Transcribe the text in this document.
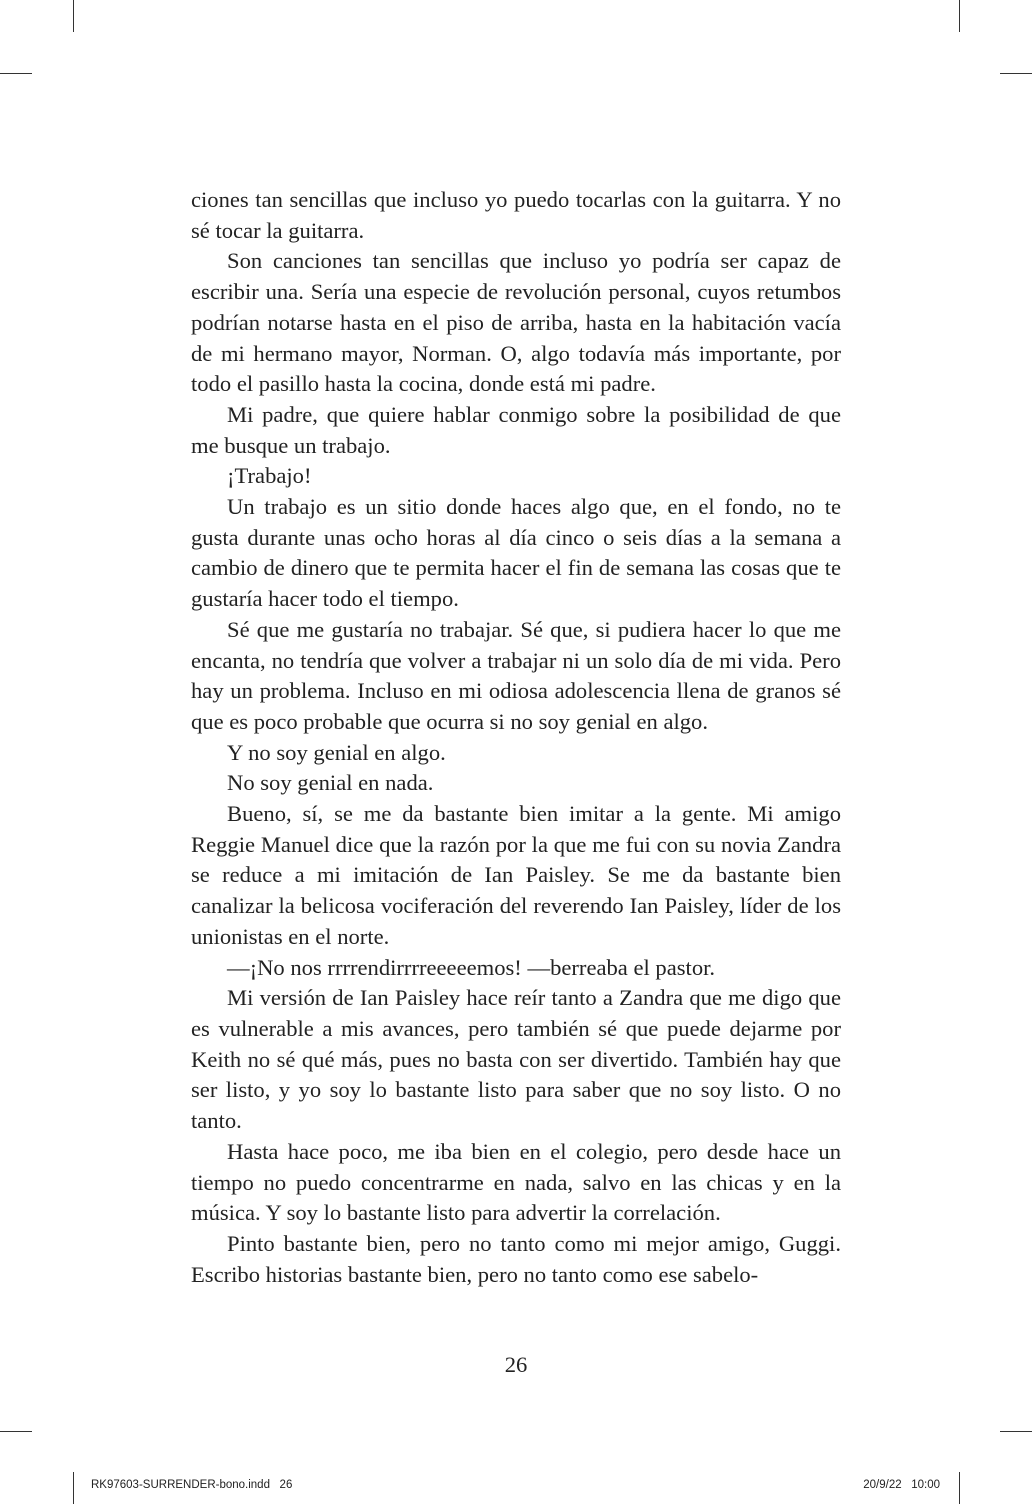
ciones tan sencillas que incluso yo puedo tocarlas con la guitarra. Y no sé tocar la guitarra.

Son canciones tan sencillas que incluso yo podría ser capaz de escribir una. Sería una especie de revolución personal, cuyos retumbos podrían notarse hasta en el piso de arriba, hasta en la habitación vacía de mi hermano mayor, Norman. O, algo todavía más importante, por todo el pasillo hasta la cocina, donde está mi padre.

Mi padre, que quiere hablar conmigo sobre la posibilidad de que me busque un trabajo.

¡Trabajo!

Un trabajo es un sitio donde haces algo que, en el fondo, no te gusta durante unas ocho horas al día cinco o seis días a la semana a cambio de dinero que te permita hacer el fin de semana las cosas que te gustaría hacer todo el tiempo.

Sé que me gustaría no trabajar. Sé que, si pudiera hacer lo que me encanta, no tendría que volver a trabajar ni un solo día de mi vida. Pero hay un problema. Incluso en mi odiosa adolescencia llena de granos sé que es poco probable que ocurra si no soy genial en algo.

Y no soy genial en algo.

No soy genial en nada.

Bueno, sí, se me da bastante bien imitar a la gente. Mi amigo Reggie Manuel dice que la razón por la que me fui con su novia Zandra se reduce a mi imitación de Ian Paisley. Se me da bastante bien canalizar la belicosa vociferación del reverendo Ian Paisley, líder de los unionistas en el norte.

—¡No nos rrrrendirrrreeeeemos! —berreaba el pastor.

Mi versión de Ian Paisley hace reír tanto a Zandra que me digo que es vulnerable a mis avances, pero también sé que puede dejarme por Keith no sé qué más, pues no basta con ser divertido. También hay que ser listo, y yo soy lo bastante listo para saber que no soy listo. O no tanto.

Hasta hace poco, me iba bien en el colegio, pero desde hace un tiempo no puedo concentrarme en nada, salvo en las chicas y en la música. Y soy lo bastante listo para advertir la correlación.

Pinto bastante bien, pero no tanto como mi mejor amigo, Guggi. Escribo historias bastante bien, pero no tanto como ese sabelo-

26
RK97603-SURRENDER-bono.indd   26	20/9/22   10:00
